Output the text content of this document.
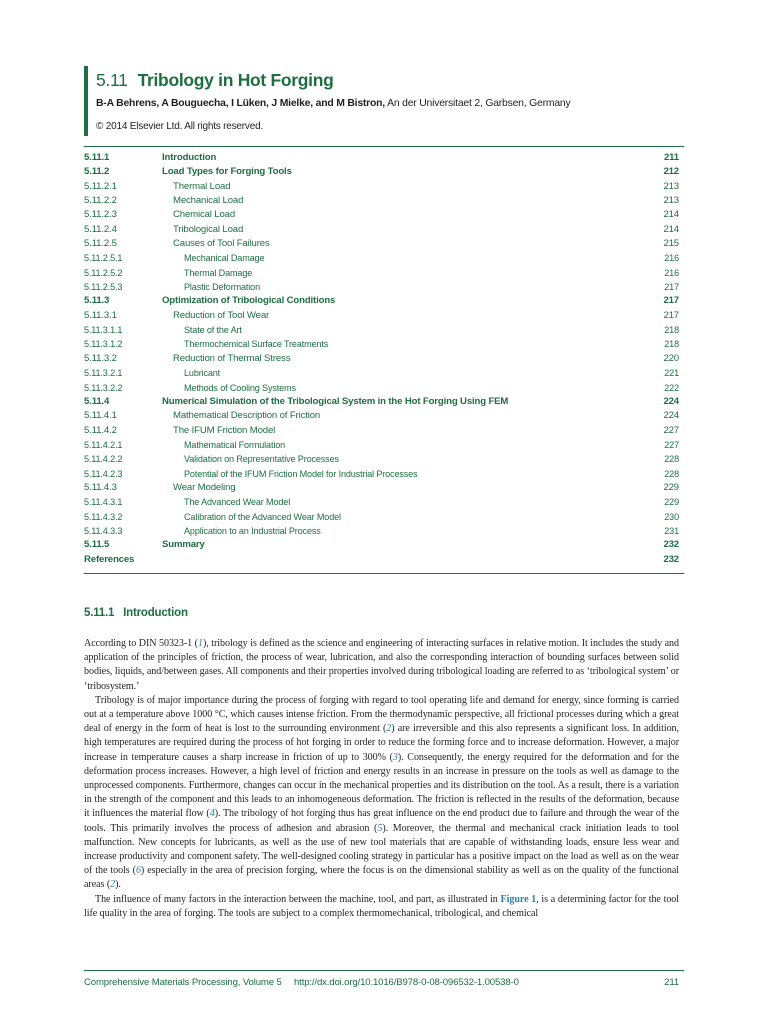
5.11 Tribology in Hot Forging
B-A Behrens, A Bouguecha, I Lüken, J Mielke, and M Bistron, An der Universitaet 2, Garbsen, Germany
© 2014 Elsevier Ltd. All rights reserved.
5.11.1	Introduction	211
5.11.2	Load Types for Forging Tools	212
5.11.2.1	Thermal Load	213
5.11.2.2	Mechanical Load	213
5.11.2.3	Chemical Load	214
5.11.2.4	Tribological Load	214
5.11.2.5	Causes of Tool Failures	215
5.11.2.5.1	Mechanical Damage	216
5.11.2.5.2	Thermal Damage	216
5.11.2.5.3	Plastic Deformation	217
5.11.3	Optimization of Tribological Conditions	217
5.11.3.1	Reduction of Tool Wear	217
5.11.3.1.1	State of the Art	218
5.11.3.1.2	Thermochemical Surface Treatments	218
5.11.3.2	Reduction of Thermal Stress	220
5.11.3.2.1	Lubricant	221
5.11.3.2.2	Methods of Cooling Systems	222
5.11.4	Numerical Simulation of the Tribological System in the Hot Forging Using FEM	224
5.11.4.1	Mathematical Description of Friction	224
5.11.4.2	The IFUM Friction Model	227
5.11.4.2.1	Mathematical Formulation	227
5.11.4.2.2	Validation on Representative Processes	228
5.11.4.2.3	Potential of the IFUM Friction Model for Industrial Processes	228
5.11.4.3	Wear Modeling	229
5.11.4.3.1	The Advanced Wear Model	229
5.11.4.3.2	Calibration of the Advanced Wear Model	230
5.11.4.3.3	Application to an Industrial Process	231
5.11.5	Summary	232
References	232
5.11.1 Introduction

According to DIN 50323-1 (1), tribology is defined as the science and engineering of interacting surfaces in relative motion. It includes the study and application of the principles of friction, the process of wear, lubrication, and also the corresponding interaction of bounding surfaces between solid bodies, liquids, and/between gases. All components and their properties involved during tribological loading are referred to as ‘tribological system’ or ‘tribosystem.’

Tribology is of major importance during the process of forging with regard to tool operating life and demand for energy, since forming is carried out at a temperature above 1000 °C, which causes intense friction. From the thermodynamic perspective, all frictional processes during which a great deal of energy in the form of heat is lost to the surrounding environment (2) are irreversible and this also represents a significant loss. In addition, high temperatures are required during the process of hot forging in order to reduce the forming force and to increase deformation. However, a major increase in temperature causes a sharp increase in friction of up to 300% (3). Consequently, the energy required for the deformation and for the deformation process increases. However, a high level of friction and energy results in an increase in pressure on the tools as well as damage to the unprocessed components. Furthermore, changes can occur in the mechanical properties and its distribution on the tool. As a result, there is a variation in the strength of the component and this leads to an inhomogeneous deformation. The friction is reflected in the results of the deformation, because it influences the material flow (4). The tribology of hot forging thus has great influence on the end product due to failure and through the wear of the tools. This primarily involves the process of adhesion and abrasion (5). Moreover, the thermal and mechanical crack initiation leads to tool malfunction. New concepts for lubricants, as well as the use of new tool materials that are capable of withstanding loads, ensure less wear and increase productivity and component safety. The well-designed cooling strategy in particular has a positive impact on the load as well as on the wear of the tools (6) especially in the area of precision forging, where the focus is on the dimensional stability as well as on the quality of the functional areas (2).

The influence of many factors in the interaction between the machine, tool, and part, as illustrated in Figure 1, is a determining factor for the tool life quality in the area of forging. The tools are subject to a complex thermomechanical, tribological, and chemical

Comprehensive Materials Processing, Volume 5 http://dx.doi.org/10.1016/B978-0-08-096532-1.00538-0	211
